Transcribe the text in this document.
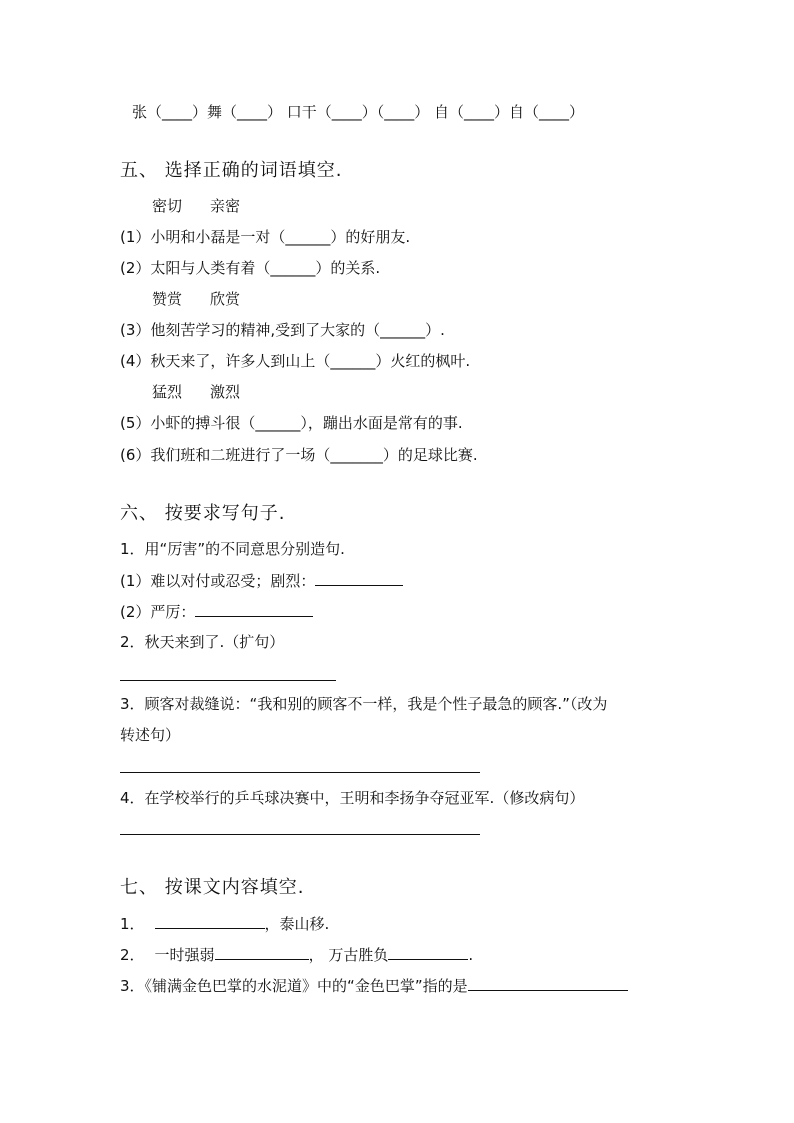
张（____）舞（____） 口干（____）（____） 自（____）自（____）
五、 选择正确的词语填空.
密切 亲密
(1）小明和小磊是一对（______）的好朋友.
(2）太阳与人类有着（______）的关系.
赞赏 欣赏
(3）他刻苦学习的精神,受到了大家的（______）.
(4）秋天来了，许多人到山上（______）火红的枫叶.
猛烈 激烈
(5）小虾的搏斗很（______），蹦出水面是常有的事.
(6）我们班和二班进行了一场（_______）的足球比赛.
六、 按要求写句子.
1．用“厉害”的不同意思分别造句.
(1）难以对付或忍受；剧烈：
(2）严厉：
2．秋天来到了.（扩句）
3．顾客对裁缝说：“我和别的顾客不一样，我是个性子最急的顾客.”（改为
转述句）
4．在学校举行的乒乓球决赛中，王明和李扬争夺冠亚军.（修改病句）
七、 按课文内容填空.
1．	，泰山移.
2． 一时强弱	， 万古胜负	.
3．《铺满金色巴掌的水泥道》中的“金色巴掌”指的是
